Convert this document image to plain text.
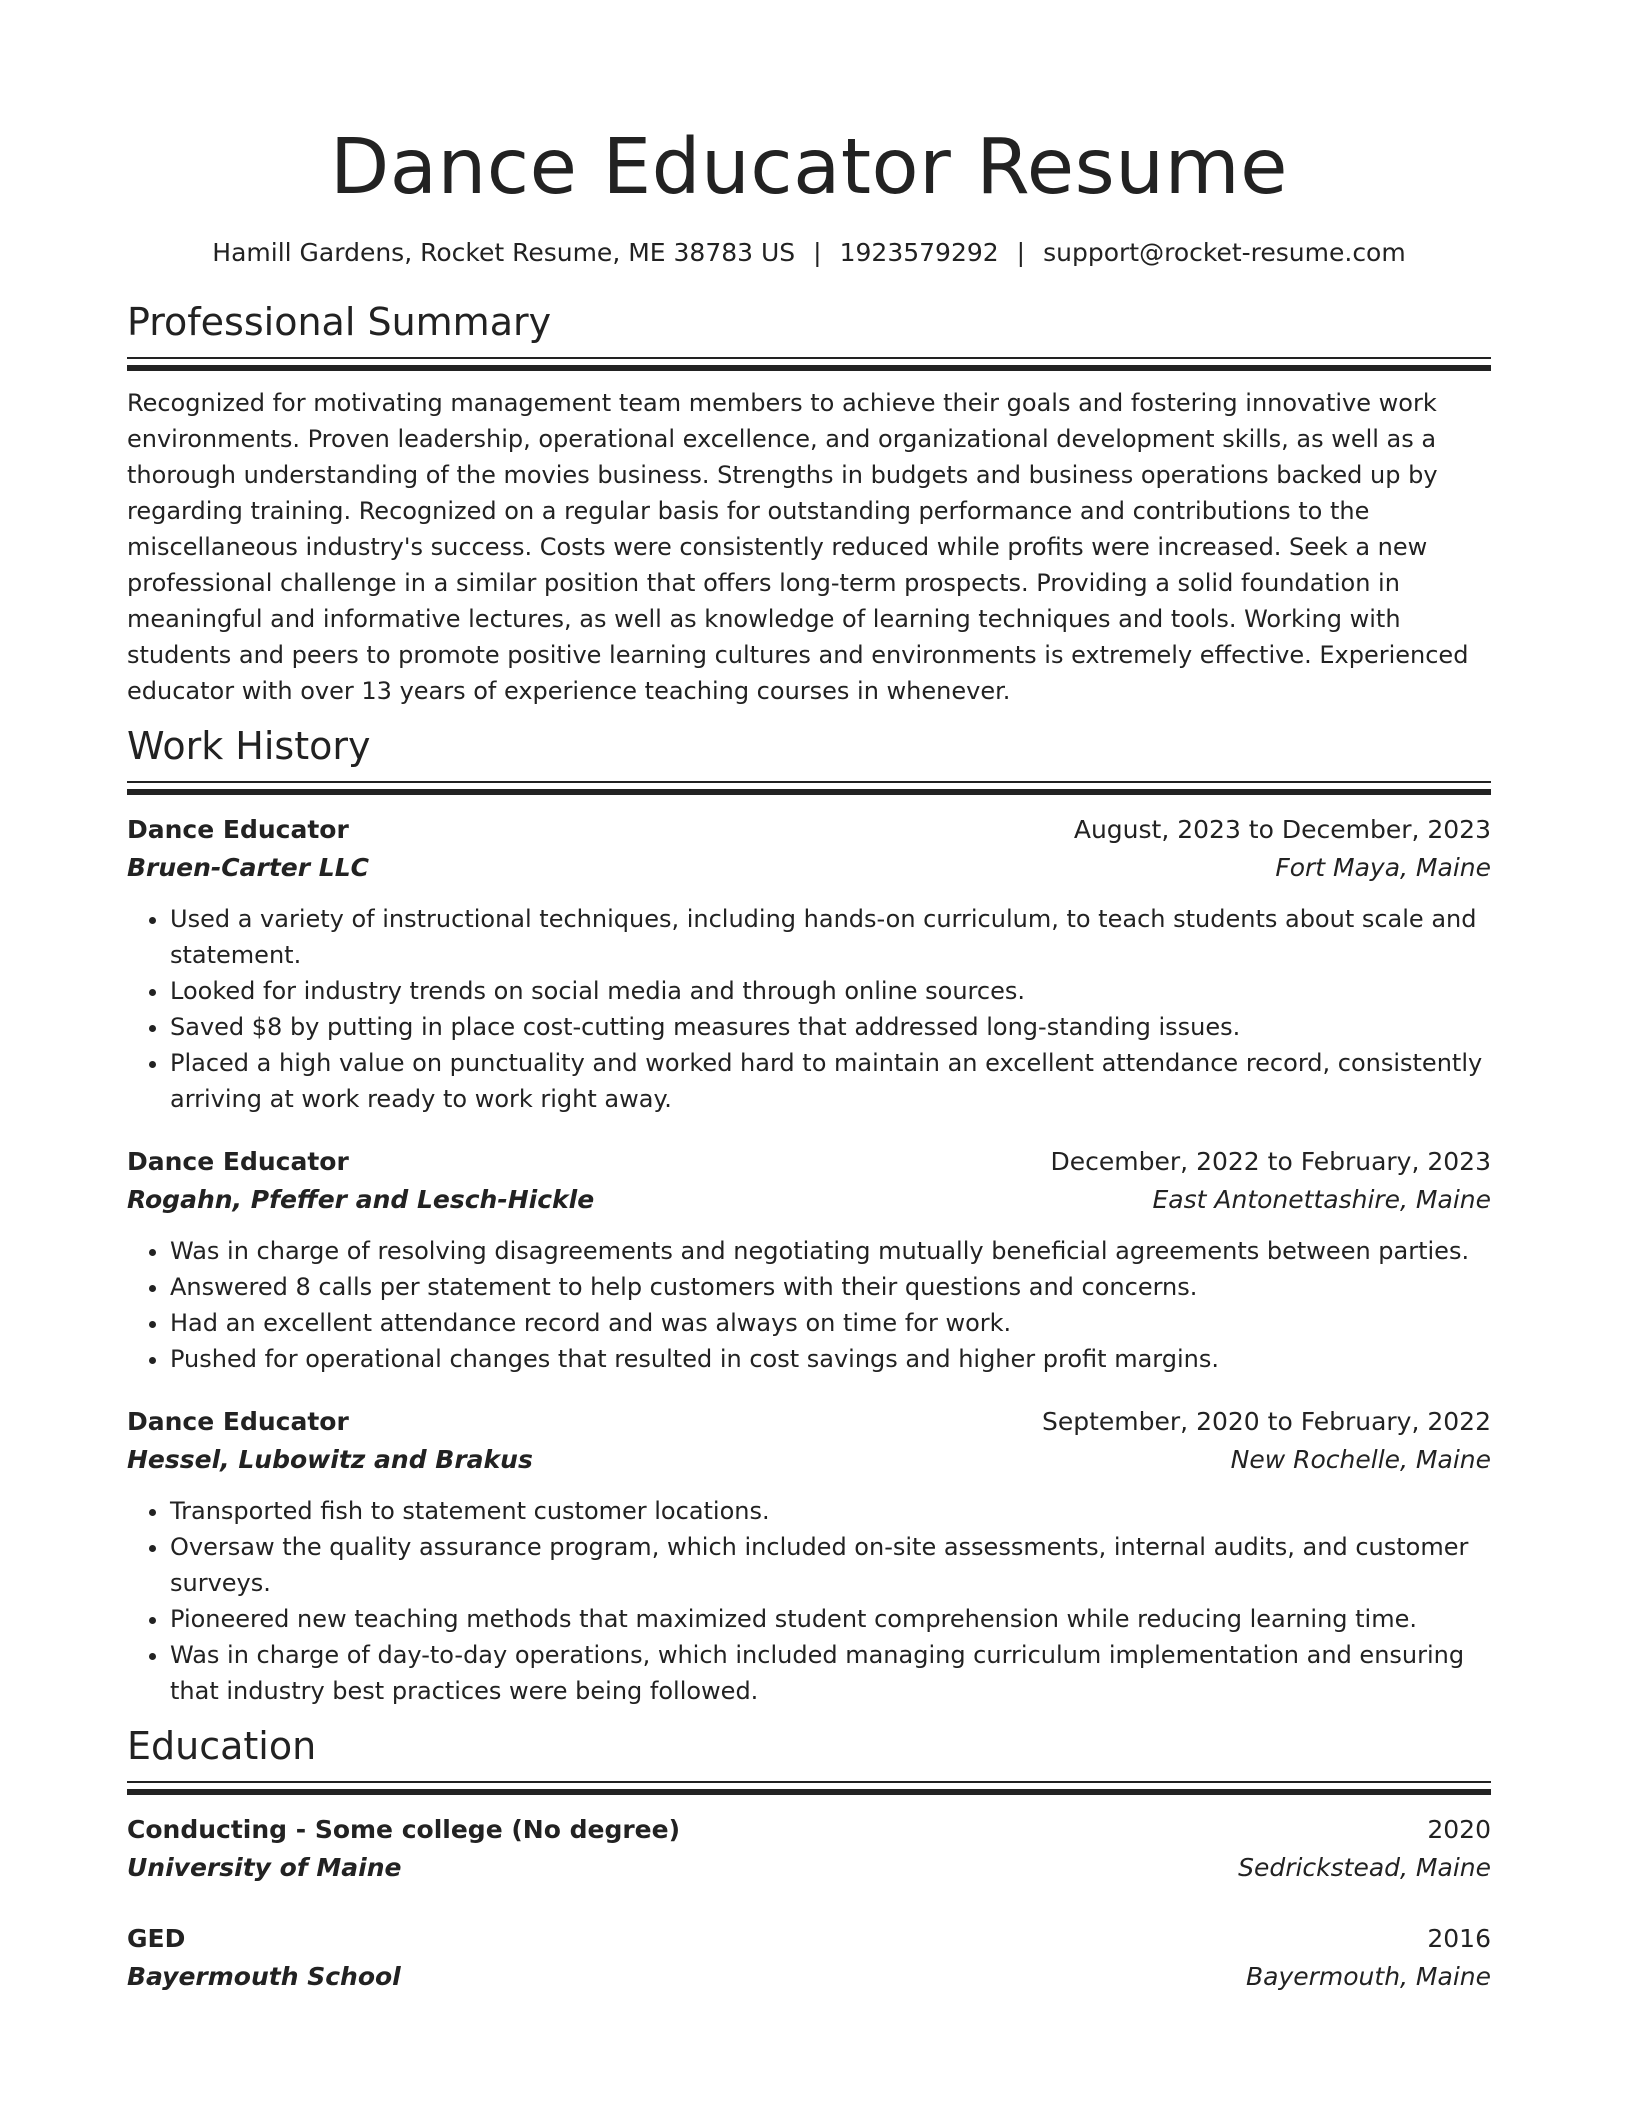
Dance Educator Resume
Hamill Gardens, Rocket Resume, ME 38783 US | 1923579292 | support@rocket-resume.com
Professional Summary

Recognized for motivating management team members to achieve their goals and fostering innovative work environments. Proven leadership, operational excellence, and organizational development skills, as well as a thorough understanding of the movies business. Strengths in budgets and business operations backed up by regarding training. Recognized on a regular basis for outstanding performance and contributions to the miscellaneous industry's success. Costs were consistently reduced while profits were increased. Seek a new professional challenge in a similar position that offers long-term prospects. Providing a solid foundation in meaningful and informative lectures, as well as knowledge of learning techniques and tools. Working with students and peers to promote positive learning cultures and environments is extremely effective. Experienced educator with over 13 years of experience teaching courses in whenever.

Work History
Dance Educator	August, 2023 to December, 2023
Bruen-Carter LLC	Fort Maya, Maine
• Used a variety of instructional techniques, including hands-on curriculum, to teach students about scale and statement.
• Looked for industry trends on social media and through online sources.
• Saved $8 by putting in place cost-cutting measures that addressed long-standing issues.
• Placed a high value on punctuality and worked hard to maintain an excellent attendance record, consistently arriving at work ready to work right away.
Dance Educator	December, 2022 to February, 2023
Rogahn, Pfeffer and Lesch-Hickle	East Antonettashire, Maine
• Was in charge of resolving disagreements and negotiating mutually beneficial agreements between parties.
• Answered 8 calls per statement to help customers with their questions and concerns.
• Had an excellent attendance record and was always on time for work.
• Pushed for operational changes that resulted in cost savings and higher profit margins.
Dance Educator	September, 2020 to February, 2022
Hessel, Lubowitz and Brakus	New Rochelle, Maine
• Transported fish to statement customer locations.
• Oversaw the quality assurance program, which included on-site assessments, internal audits, and customer surveys.
• Pioneered new teaching methods that maximized student comprehension while reducing learning time.
• Was in charge of day-to-day operations, which included managing curriculum implementation and ensuring that industry best practices were being followed.
Education
Conducting - Some college (No degree)	2020
University of Maine	Sedrickstead, Maine
GED	2016
Bayermouth School	Bayermouth, Maine
